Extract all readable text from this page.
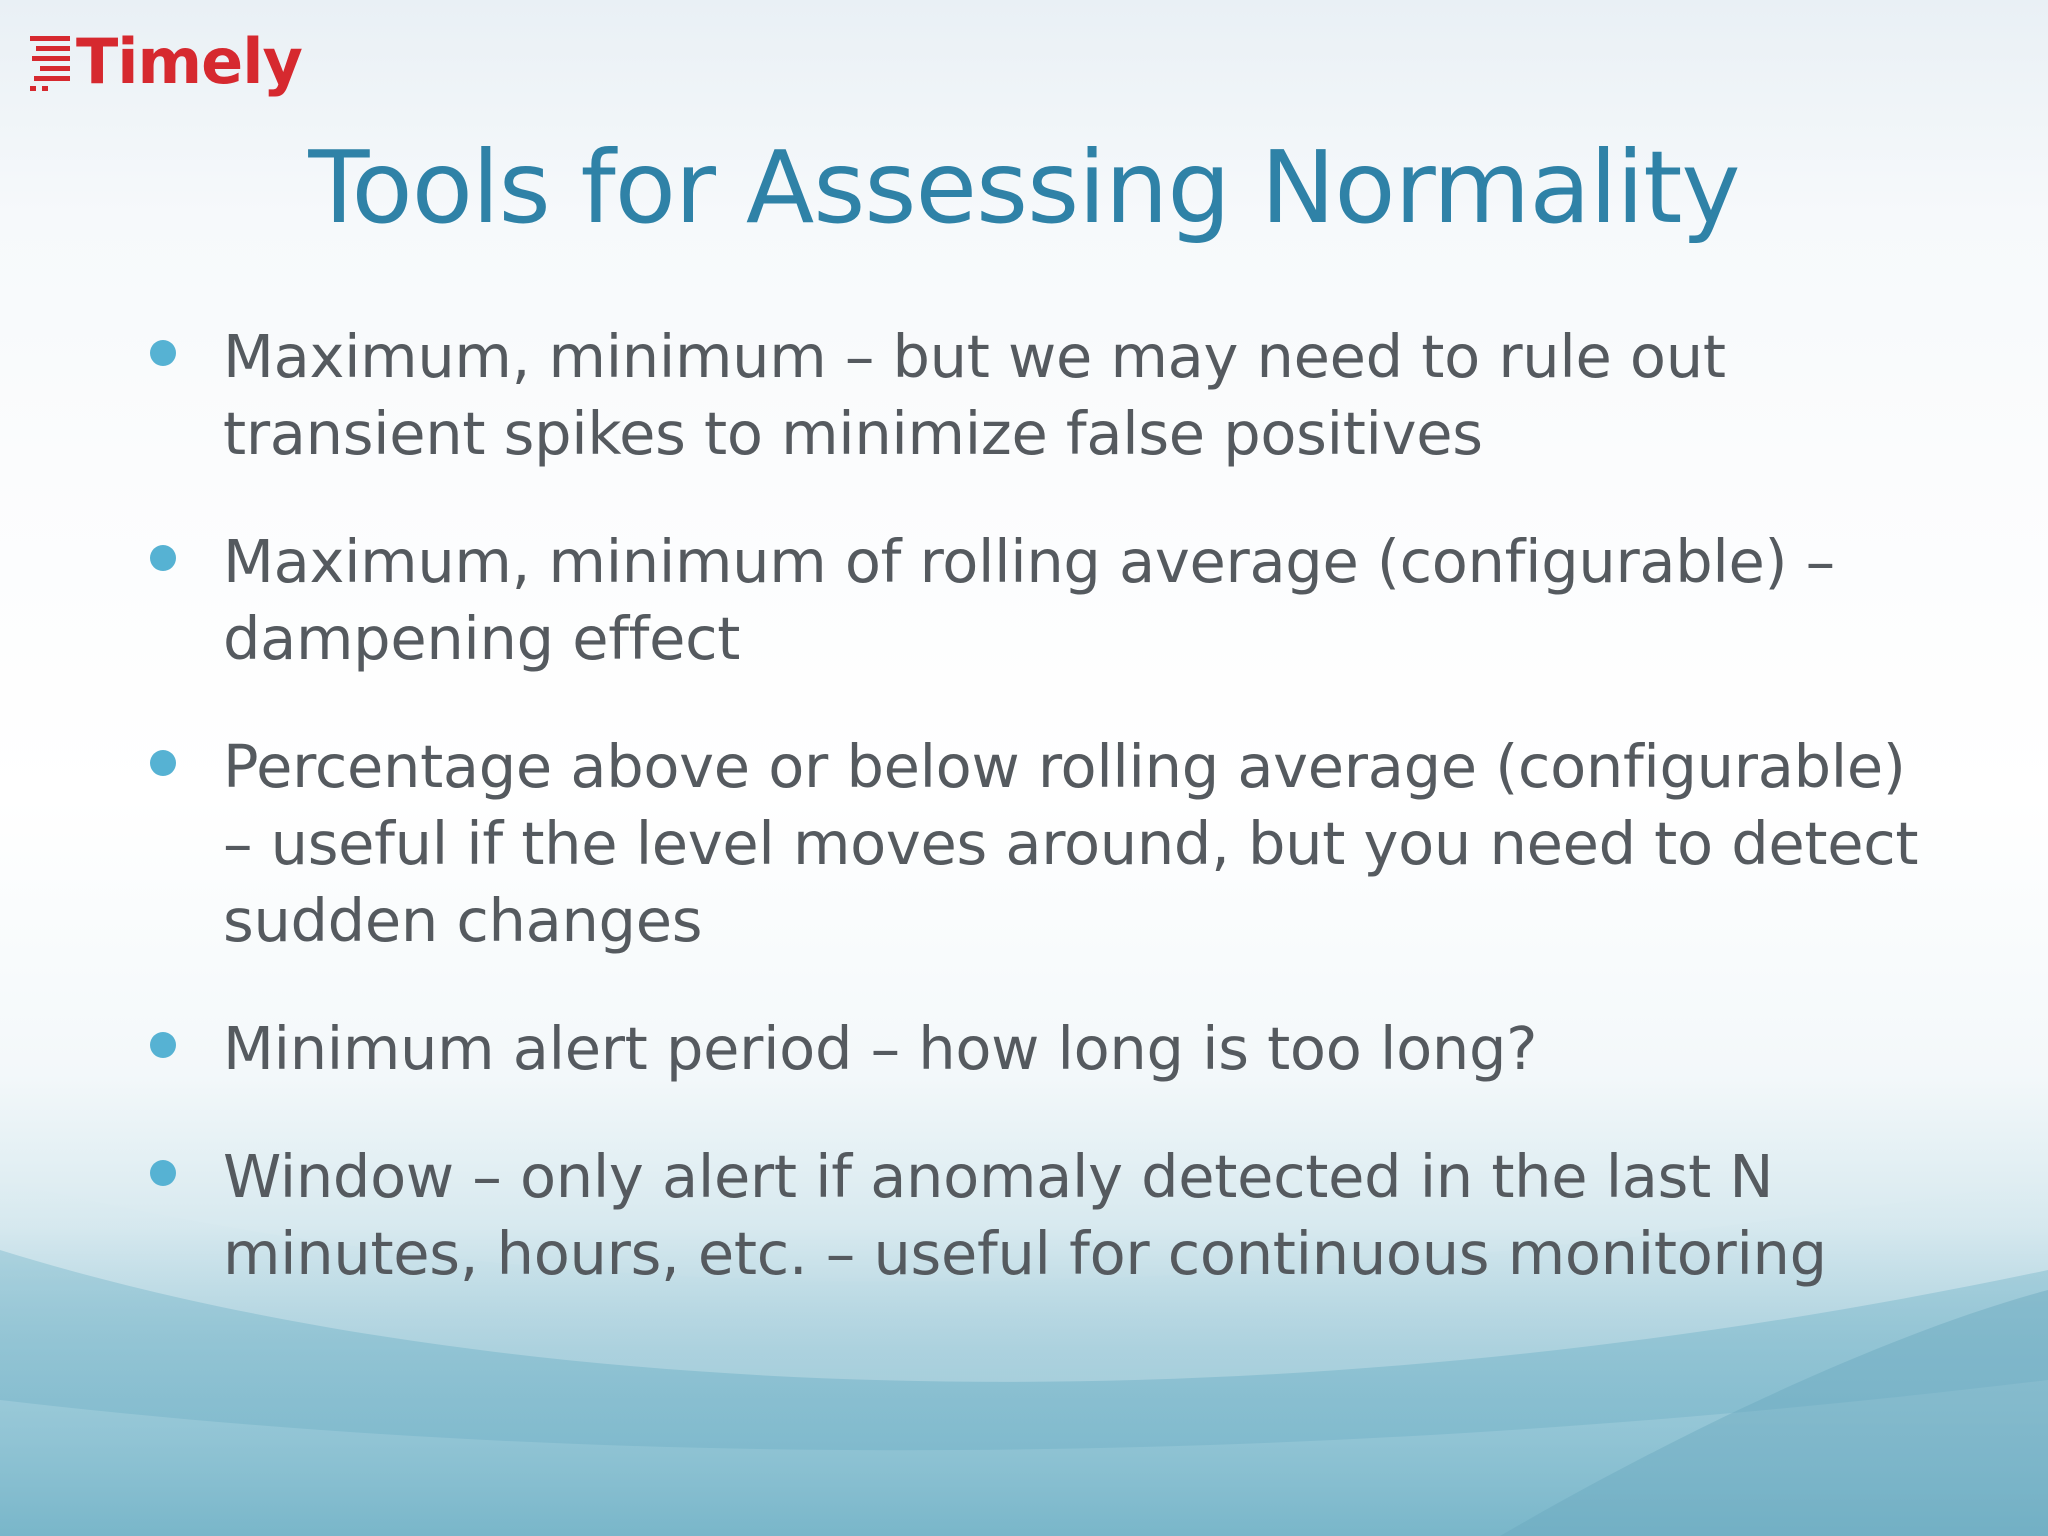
Timely
Tools for Assessing Normality
Maximum, minimum – but we may need to rule out transient spikes to minimize false positives
Maximum, minimum of rolling average (configurable) – dampening effect
Percentage above or below rolling average (configurable) – useful if the level moves around, but you need to detect sudden changes
Minimum alert period – how long is too long?
Window – only alert if anomaly detected in the last N minutes, hours, etc. – useful for continuous monitoring
